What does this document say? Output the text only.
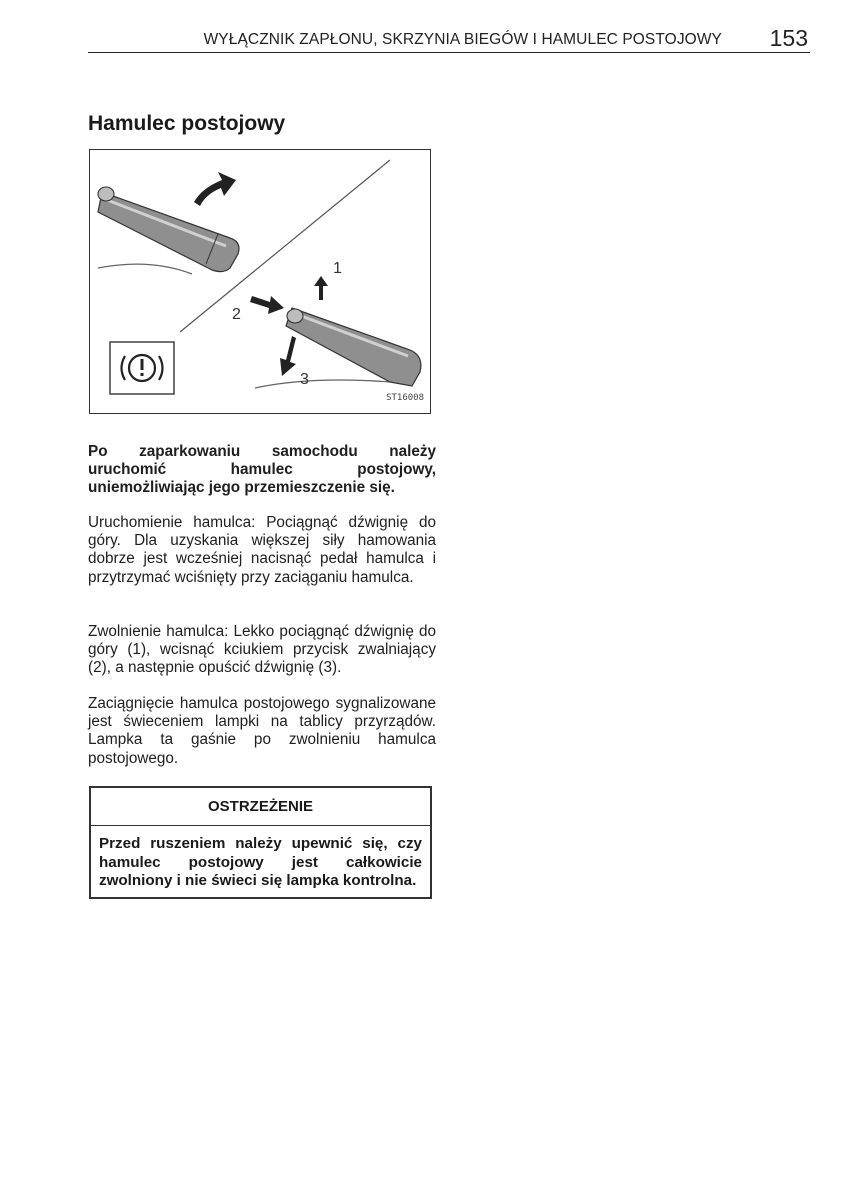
WYŁĄCZNIK ZAPŁONU, SKRZYNIA BIEGÓW I HAMULEC POSTOJOWY 153
Hamulec postojowy
1
2
3
ST16008
Po zaparkowaniu samochodu należy uruchomić hamulec postojowy, uniemożliwiając jego przemieszczenie się.
Uruchomienie hamulca: Pociągnąć dźwignię do góry. Dla uzyskania większej siły hamowania dobrze jest wcześniej nacisnąć pedał hamulca i przytrzymać wciśnięty przy zaciąganiu hamulca.
Zwolnienie hamulca: Lekko pociągnąć dźwignię do góry (1), wcisnąć kciukiem przycisk zwalniający (2), a następnie opuścić dźwignię (3).
Zaciągnięcie hamulca postojowego sygnalizowane jest świeceniem lampki na tablicy przyrządów. Lampka ta gaśnie po zwolnieniu hamulca postojowego.
OSTRZEŻENIE
Przed ruszeniem należy upewnić się, czy hamulec postojowy jest całkowicie zwolniony i nie świeci się lampka kontrolna.
